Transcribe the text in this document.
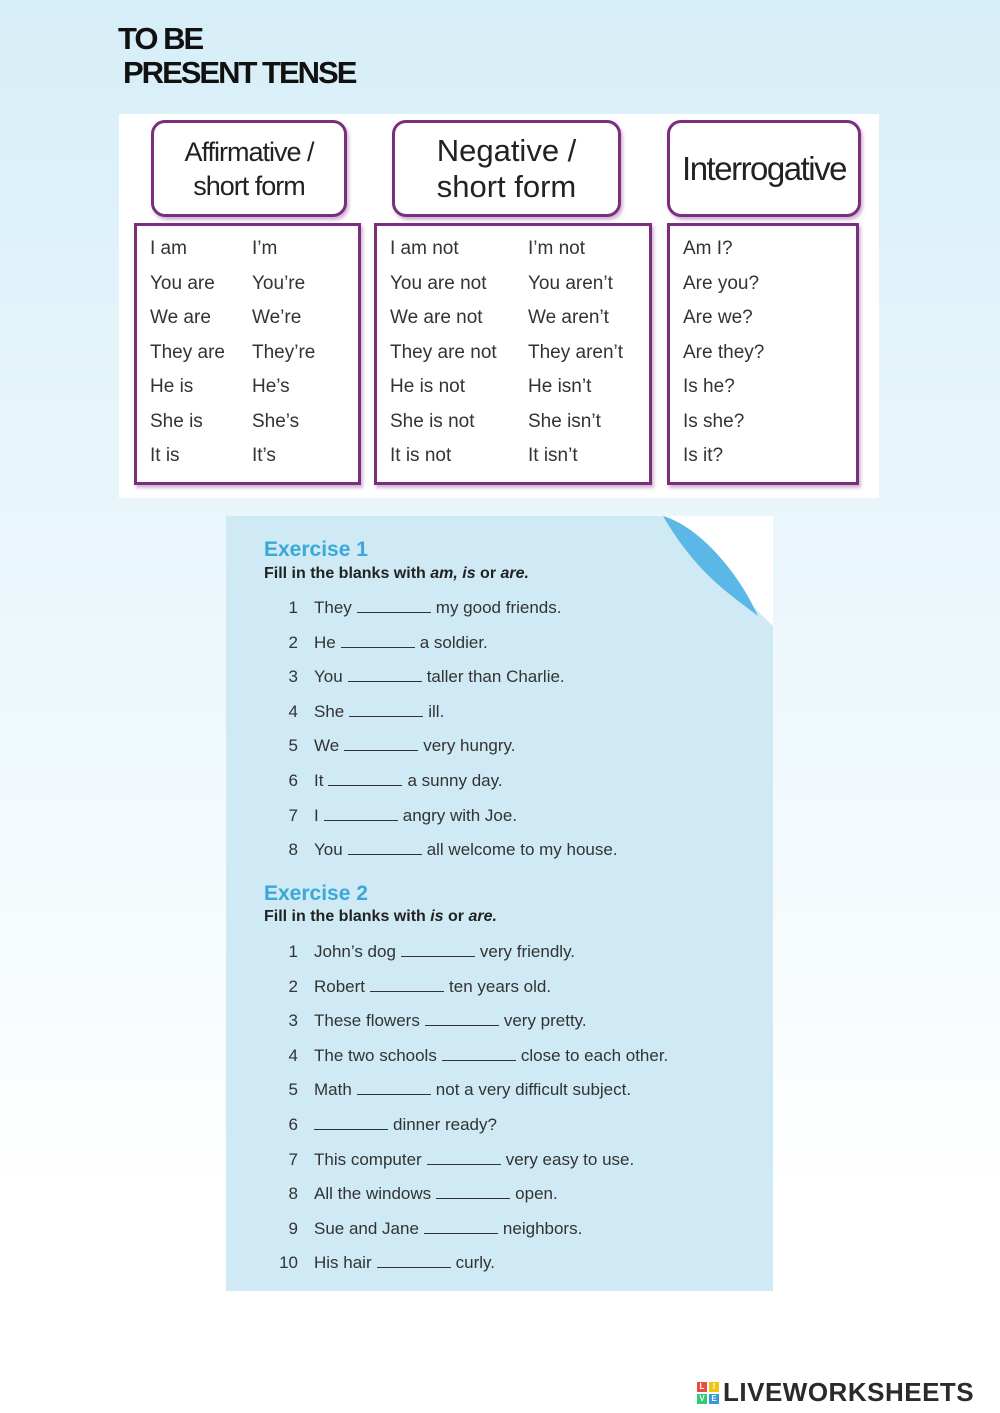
TO BE
PRESENT TENSE
Affirmative /
short form
Negative /
short form	Interrogative
I am	I’m
You are You’re
We are We’re
They are They’re
He is	He’s
She is	She’s
It is	It’s
I am not	I’m not
You are not You aren’t
We are not We aren’t
They are not They aren’t
He is not	He isn’t
She is not	She isn’t
It is not	It isn’t
Am I?
Are you?
Are we?
Are they?
Is he?
Is she?
Is it?
Exercise 1
Fill in the blanks with am, is or are.
1 They	my good friends.
2 He	a soldier.
3 You	taller than Charlie.
4 She	ill.
5 We	very hungry.
6 It	a sunny day.
7 I	angry with Joe.
8 You	all welcome to my house.
Exercise 2
Fill in the blanks with is or are.
1 John’s dog	very friendly.
2 Robert	ten years old.
3 These flowers	very pretty.
4 The two schools	close to each other.
5 Math	not a very difficult subject.
6	dinner ready?
7 This computer	very easy to use.
8 All the windows	open.
9 Sue and Jane	neighbors.
10 His hair	curly.
L	I
V E LIVEWORKSHEETS
